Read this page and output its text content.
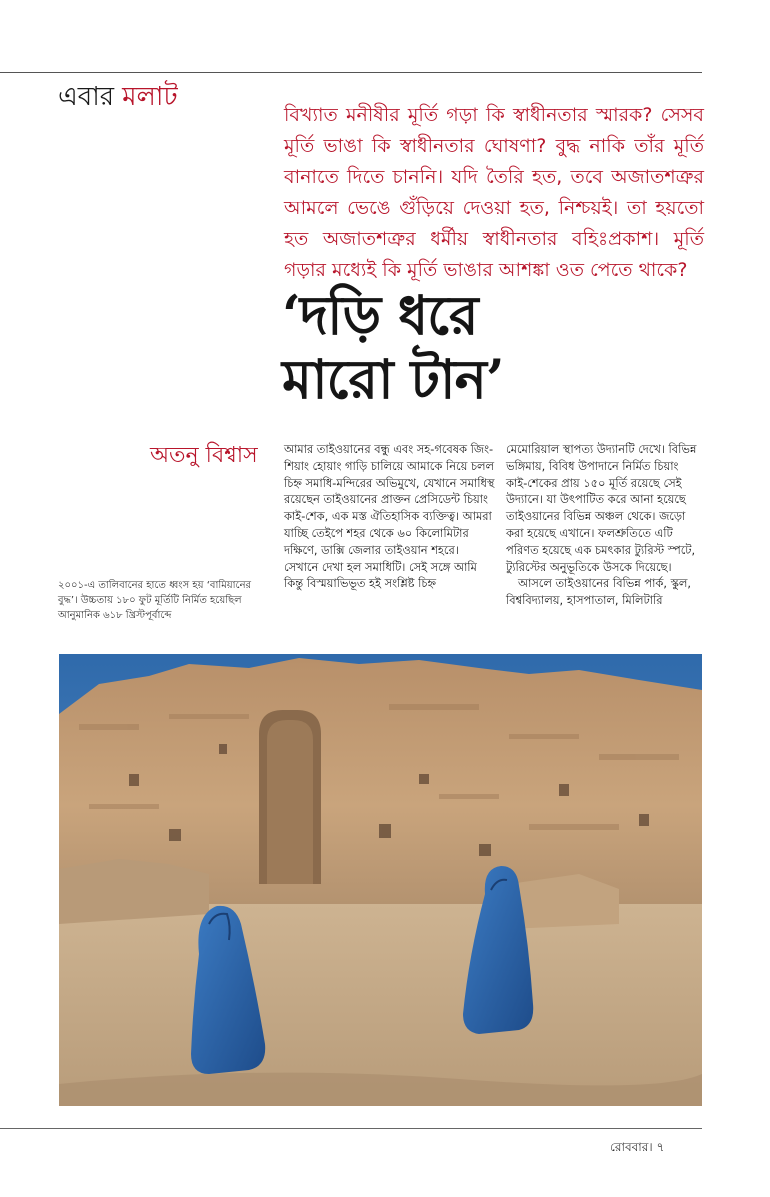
এবার মলাট
বিখ্যাত মনীষীর মূর্তি গড়া কি স্বাধীনতার স্মারক? সেসব মূর্তি ভাঙা কি স্বাধীনতার ঘোষণা? বুদ্ধ নাকি তাঁর মূর্তি বানাতে দিতে চাননি। যদি তৈরি হত, তবে অজাতশত্রুর আমলে ভেঙে গুঁড়িয়ে দেওয়া হত, নিশ্চয়ই। তা হয়তো হত অজাতশত্রুর ধর্মীয় স্বাধীনতার বহিঃপ্রকাশ। মূর্তি গড়ার মধ্যেই কি মূর্তি ভাঙার আশঙ্কা ওত পেতে থাকে?
‘দড়ি ধরে
মারো টান’
অতনু বিশ্বাস আমার তাইওয়ানের বন্ধু এবং সহ-গবেষক জিং-শিয়াং হোয়াং গাড়ি চালিয়ে আমাকে নিয়ে চলল চিহ্ন সমাধি-মন্দিরের অভিমুখে, যেখানে সমাধিস্থ রয়েছেন তাইওয়ানের প্রাক্তন প্রেসিডেন্ট চিয়াং কাই-শেক, এক মস্ত ঐতিহাসিক ব্যক্তিত্ব। আমরা যাচ্ছি তেইপে শহর থেকে ৬০ কিলোমিটার দক্ষিণে, ডাক্সি জেলার তাইওয়ান শহরে। সেখানে দেখা হল সমাধিটি। সেই সঙ্গে আমি কিন্তু বিস্ময়াভিভূত হই সংশ্লিষ্ট চিহ্ন

মেমোরিয়াল স্থাপত্য উদ্যানটি দেখে। বিভিন্ন ভঙ্গিমায়, বিবিধ উপাদানে নির্মিত চিয়াং কাই-শেকের প্রায় ১৫০ মূর্তি রয়েছে সেই উদ্যানে। যা উৎপাটিত করে আনা হয়েছে তাইওয়ানের বিভিন্ন অঞ্চল থেকে। জড়ো করা হয়েছে এখানে। ফলশ্রুতিতে এটি পরিণত হয়েছে এক চমৎকার ট্যুরিস্ট স্পটে, ট্যুরিস্টের অনুভূতিকে উসকে দিয়েছে।

আসলে তাইওয়ানের বিভিন্ন পার্ক, স্কুল, বিশ্ববিদ্যালয়, হাসপাতাল, মিলিটারি

২০০১-এ তালিবানের হাতে ধ্বংস হয় ‘বামিয়ানের বুদ্ধ’। উচ্চতায় ১৮০ ফুট মূর্তিটি নির্মিত হয়েছিল আনুমানিক ৬১৮ খ্রিস্টপূর্বাব্দে
রোববার। ৭
